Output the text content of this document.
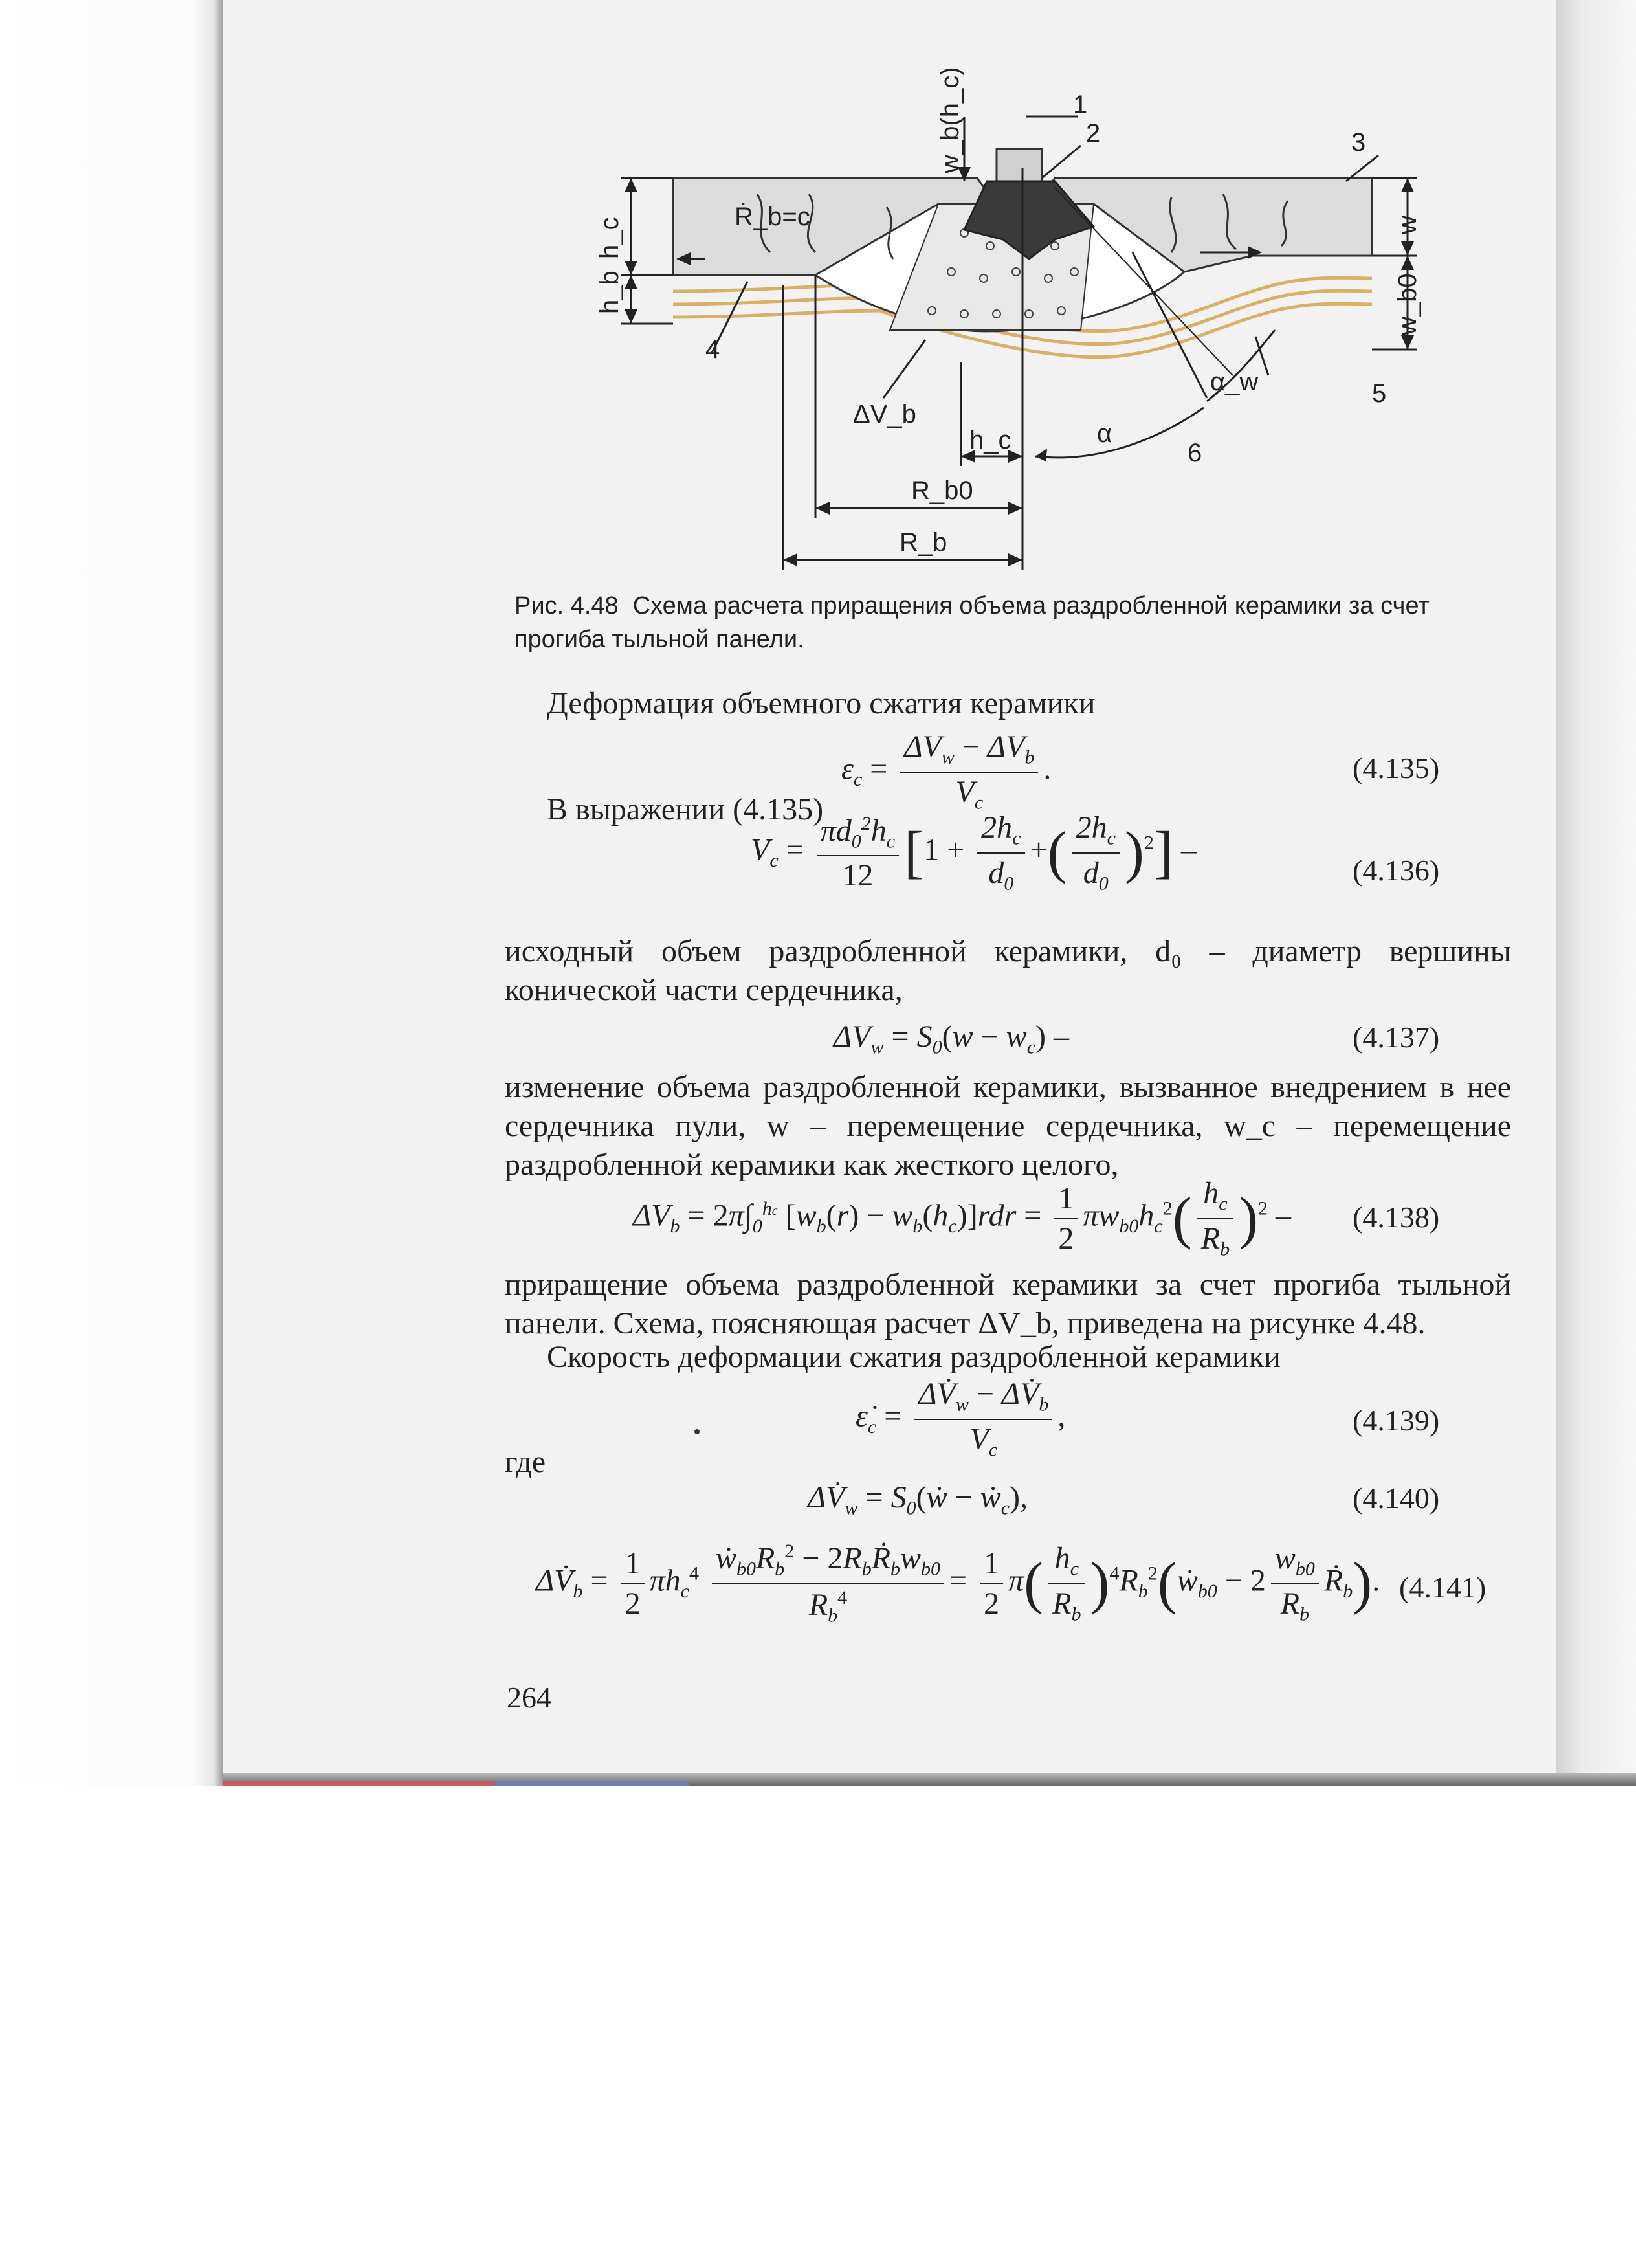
1
2	3
4
5
6
w_b(h_c)
h_c
h_b
w
w_b0
Ṙ_b=c
ΔV_b
h_c
R_b0
R_b
α
α_w
Рис. 4.48 Схема расчета приращения объема раздробленной керамики за счет прогиба тыльной панели.
Деформация объемного сжатия керамики
$\varepsilon_c = \frac{\Delta V_w - \Delta V_b}{V_c}$ .	(4.135)
В выражении (4.135)
$V_c = \frac{\pi d_0^2h_c}{12} [1 + \frac{2h_c}{d_0}$ +( $\frac{2h_c}{d_0} )^2$] –
(4.136)
исходный объем раздробленной керамики, d₀ – диаметр вершины конической части сердечника,
$\Delta V_w = S_0(w - w_c)$ –	(4.137)
изменение объема раздробленной керамики, вызванное внедрением в нее сердечника пули, w – перемещение сердечника, w_c – перемещение раздробленной керамики как жесткого целого,
$\Delta V_b = 2\pi\int_0^{hc}$ $[w_b(r) - w_b(h_c)]rdr = \frac{1}{2} \pi w_{b0}h_c^2( \frac{h_c}{R_b} )^2 - (4.138)$
приращение объема раздробленной керамики за счет прогиба тыльной панели. Схема, поясняющая расчет ΔV_b, приведена на рисунке 4.48.
Скорость деформации сжатия раздробленной керамики
$\varepsiloṅ_c = \frac{\Delta V̇_w - \Delta V̇_b}{V_c}$ ,	(4.139)
где
$\Delta V̇_w$ = $S_0(ẇ$ − ẇ$_c$),	(4.140)
$\Delta V̇_b = \frac{1}{2} \pi h_c^4 \frac{ẇ_{b0}R_b^2 - 2R_bṘ_bw_{b0}}{R_b^4} = \frac{1}{2} \pi( \frac{h_c}{R_b}$ )$^4R_b^2(ẇ_{b0} - 2 \frac{w_{b0}}{R_b}$ Ṙ$_b$). (4.141)
264
